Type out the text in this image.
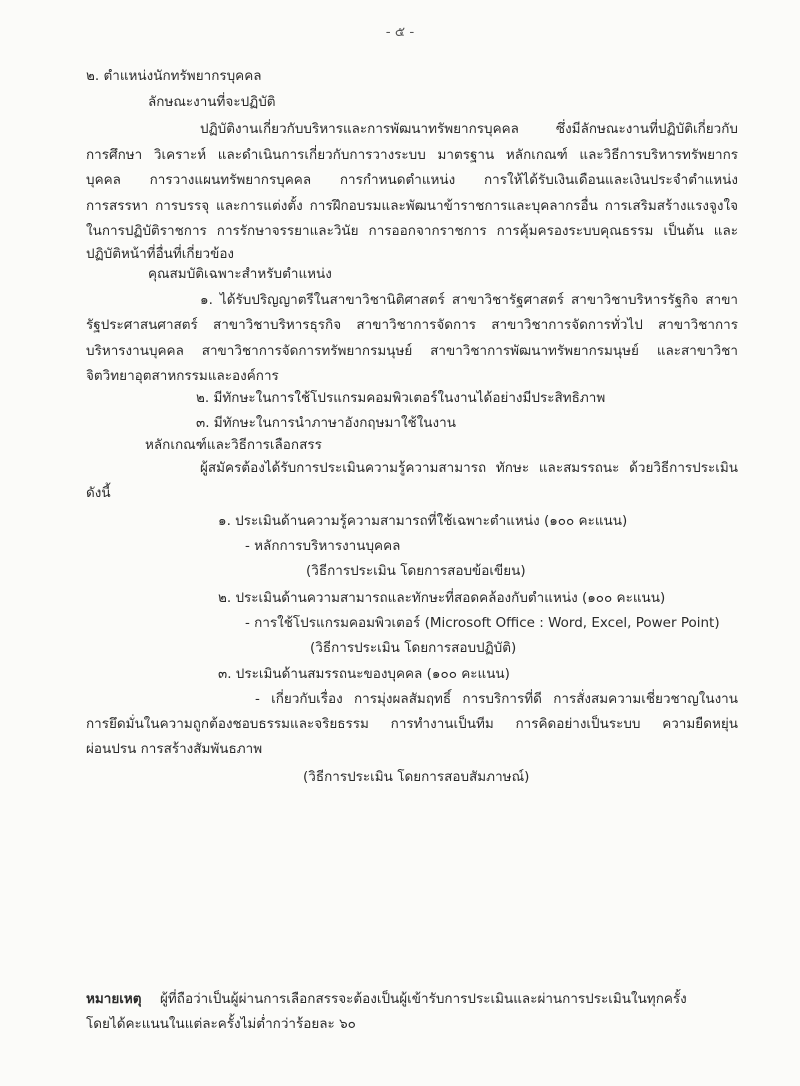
- ๕ -
๒. ตำแหน่งนักทรัพยากรบุคคล
ลักษณะงานที่จะปฏิบัติ
ปฏิบัติงานเกี่ยวกับบริหารและการพัฒนาทรัพยากรบุคคล ซึ่งมีลักษณะงานที่ปฏิบัติเกี่ยวกับ
การศึกษา วิเคราะห์ และดำเนินการเกี่ยวกับการวางระบบ มาตรฐาน หลักเกณฑ์ และวิธีการบริหารทรัพยากร
บุคคล การวางแผนทรัพยากรบุคคล การกำหนดตำแหน่ง การให้ได้รับเงินเดือนและเงินประจำตำแหน่ง
การสรรหา การบรรจุ และการแต่งตั้ง การฝึกอบรมและพัฒนาข้าราชการและบุคลากรอื่น การเสริมสร้างแรงจูงใจ
ในการปฏิบัติราชการ การรักษาจรรยาและวินัย การออกจากราชการ การคุ้มครองระบบคุณธรรม เป็นต้น และ
ปฏิบัติหน้าที่อื่นที่เกี่ยวข้อง
คุณสมบัติเฉพาะสำหรับตำแหน่ง
๑. ได้รับปริญญาตรีในสาขาวิชานิติศาสตร์ สาขาวิชารัฐศาสตร์ สาขาวิชาบริหารรัฐกิจ สาขา
รัฐประศาสนศาสตร์ สาขาวิชาบริหารธุรกิจ สาขาวิชาการจัดการ สาขาวิชาการจัดการทั่วไป สาขาวิชาการ
บริหารงานบุคคล สาขาวิชาการจัดการทรัพยากรมนุษย์ สาขาวิชาการพัฒนาทรัพยากรมนุษย์ และสาขาวิชา
จิตวิทยาอุตสาหกรรมและองค์การ
๒. มีทักษะในการใช้โปรแกรมคอมพิวเตอร์ในงานได้อย่างมีประสิทธิภาพ
๓. มีทักษะในการนำภาษาอังกฤษมาใช้ในงาน
หลักเกณฑ์และวิธีการเลือกสรร
ผู้สมัครต้องได้รับการประเมินความรู้ความสามารถ ทักษะ และสมรรถนะ ด้วยวิธีการประเมิน
ดังนี้
๑. ประเมินด้านความรู้ความสามารถที่ใช้เฉพาะตำแหน่ง (๑๐๐ คะแนน)
- หลักการบริหารงานบุคคล
(วิธีการประเมิน โดยการสอบข้อเขียน)
๒. ประเมินด้านความสามารถและทักษะที่สอดคล้องกับตำแหน่ง (๑๐๐ คะแนน)
- การใช้โปรแกรมคอมพิวเตอร์ (Microsoft Office : Word, Excel, Power Point)
(วิธีการประเมิน โดยการสอบปฏิบัติ)
๓. ประเมินด้านสมรรถนะของบุคคล (๑๐๐ คะแนน)
- เกี่ยวกับเรื่อง การมุ่งผลสัมฤทธิ์ การบริการที่ดี การสั่งสมความเชี่ยวชาญในงาน
การยึดมั่นในความถูกต้องชอบธรรมและจริยธรรม การทำงานเป็นทีม การคิดอย่างเป็นระบบ ความยืดหยุ่น
ผ่อนปรน การสร้างสัมพันธภาพ
(วิธีการประเมิน โดยการสอบสัมภาษณ์)
หมายเหตุ ผู้ที่ถือว่าเป็นผู้ผ่านการเลือกสรรจะต้องเป็นผู้เข้ารับการประเมินและผ่านการประเมินในทุกครั้ง
โดยได้คะแนนในแต่ละครั้งไม่ต่ำกว่าร้อยละ ๖๐
